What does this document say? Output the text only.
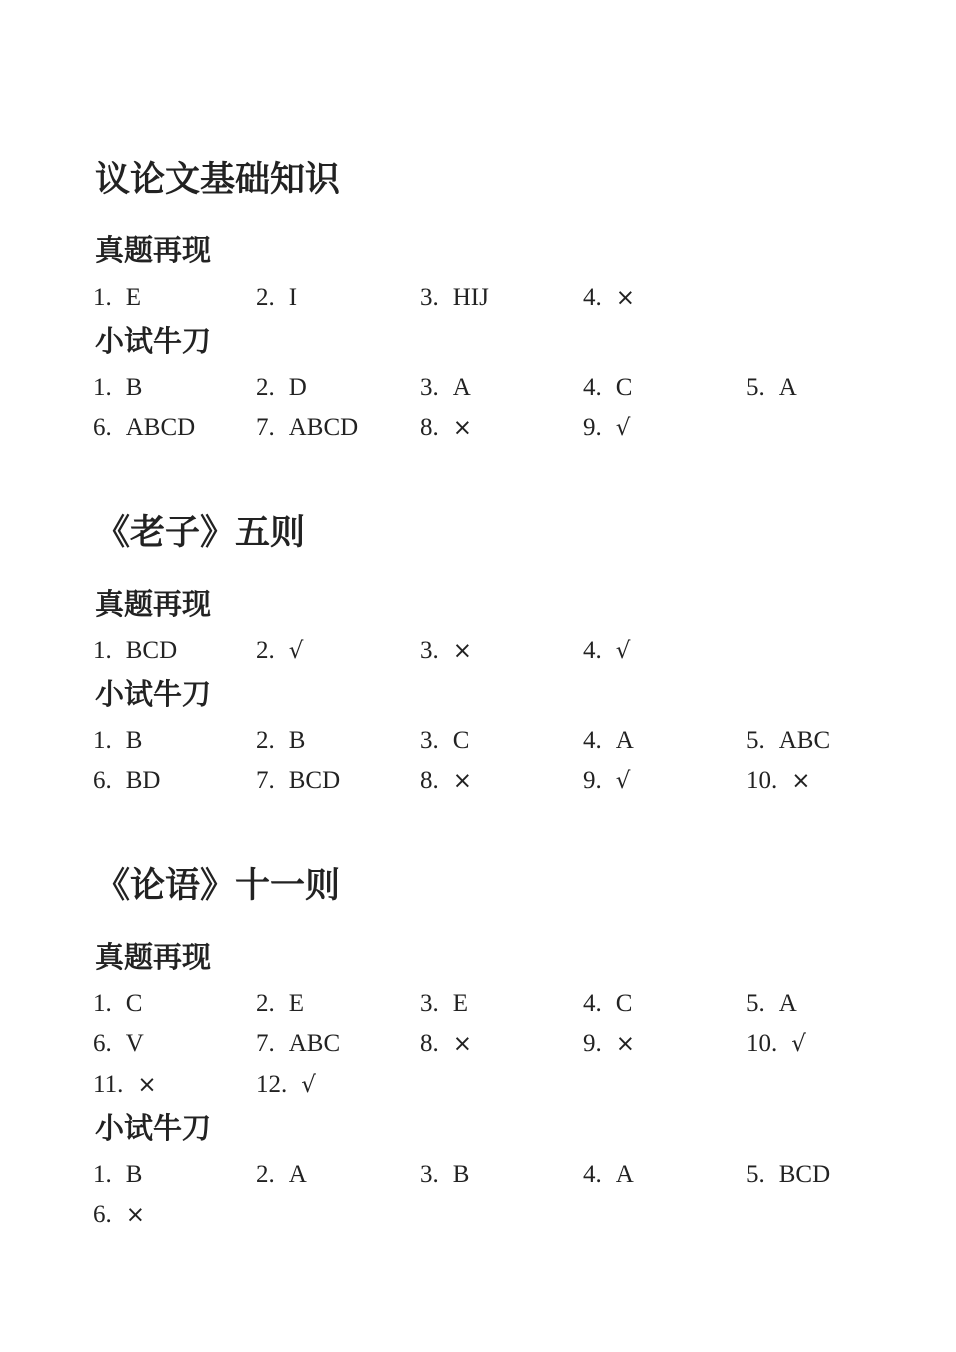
议论文基础知识
真题再现
1. E	2. I	3. HIJ	4. ×
小试牛刀
1. B	2. D	3. A	4. C	5. A
6. ABCD 7. ABCD 8. ×	9. √
《老子》五则
真题再现
1. BCD	2. √	3. ×	4. √
小试牛刀
1. B	2. B	3. C	4. A	5. ABC
6. BD	7. BCD	8. ×	9. √	10. ×
《论语》十一则
真题再现
1. C	2. E	3. E	4. C	5. A
6. V	7. ABC	8. ×	9. ×	10. √
11. ×	12. √
小试牛刀
1. B	2. A	3. B	4. A	5. BCD
6. ×
